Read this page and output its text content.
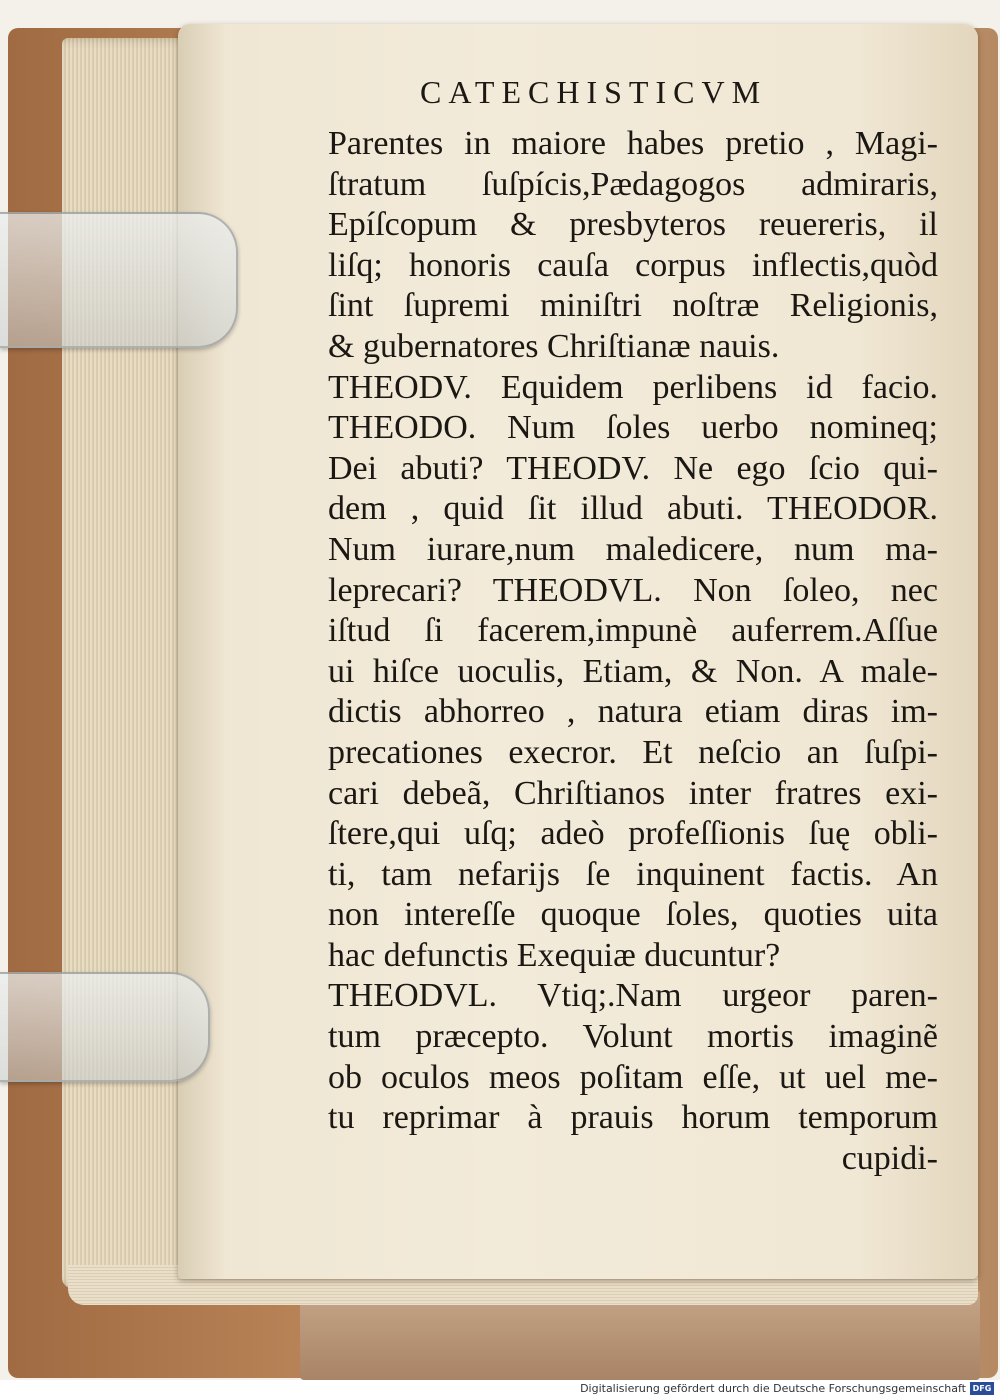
CATECHISTICVM
Parentes in maiore habes pretio , Magi-
ſtratum ſuſpícis,Pædagogos admiraris,
Epíſcopum & presbyteros reuereris, il
liſq; honoris cauſa corpus inflectis,quòd
ſint ſupremi miniſtri noſtræ Religionis,
& gubernatores Chriſtianæ nauis.
THEODV. Equidem perlibens id facio.
THEODO. Num ſoles uerbo nomineq;
Dei abuti? THEODV. Ne ego ſcio qui-
dem , quid ſit illud abuti. THEODOR.
Num iurare,num maledicere, num ma-
leprecari? THEODVL. Non ſoleo, nec
iſtud ſi facerem,impunè auferrem.Aſſue
ui hiſce uoculis, Etiam, & Non. A male-
dictis abhorreo , natura etiam diras im-
precationes execror. Et neſcio an ſuſpi-
cari debeã, Chriſtianos inter fratres exi-
ſtere,qui uſq; adeò profeſſionis ſuę obli-
ti, tam nefarijs ſe inquinent factis. An
non intereſſe quoque ſoles, quoties uita
hac defunctis Exequiæ ducuntur?
THEODVL. Vtiq;.Nam urgeor paren-
tum præcepto. Volunt mortis imaginẽ
ob oculos meos poſitam eſſe, ut uel me-
tu reprimar à prauis horum temporum
cupidi-
Digitalisierung gefördert durch die Deutsche Forschungsgemeinschaft DFG
